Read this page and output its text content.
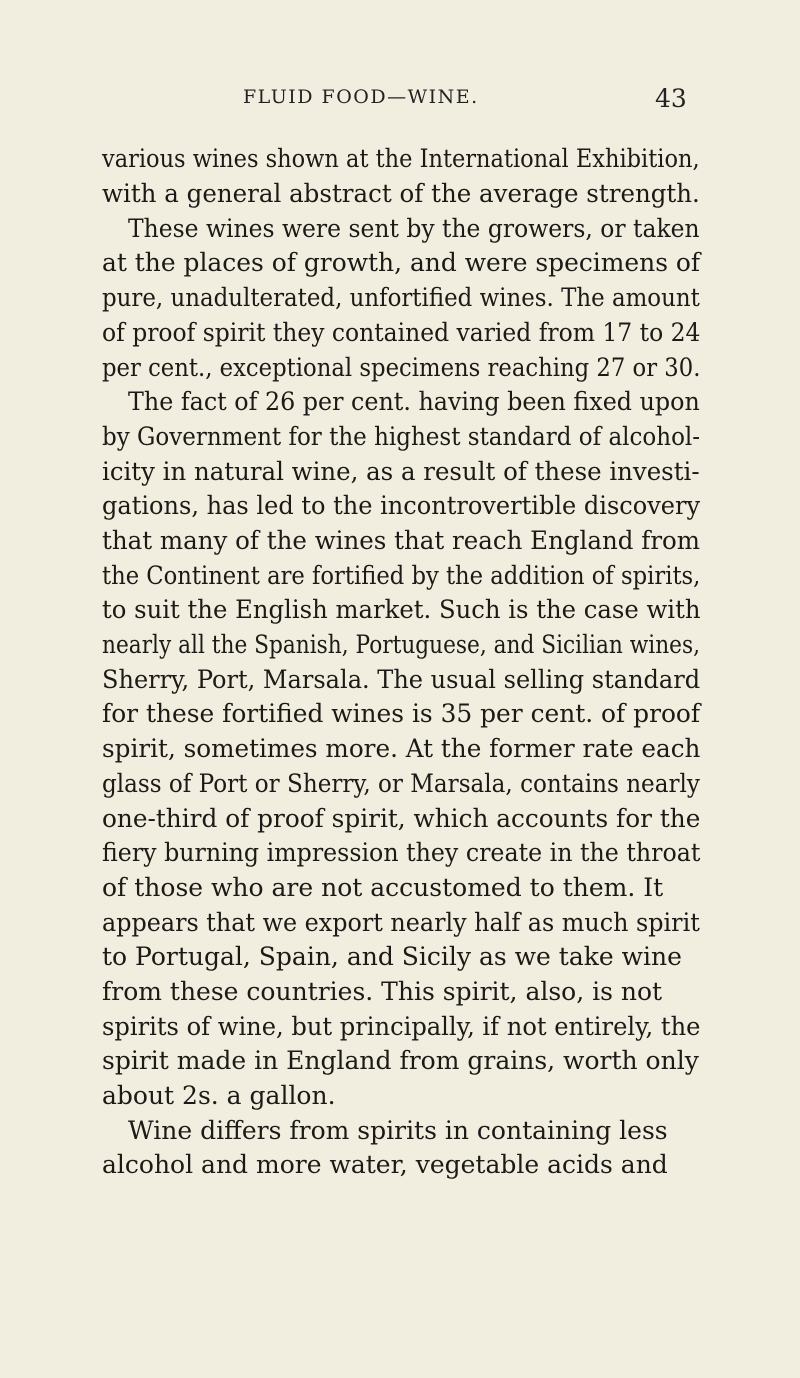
FLUID FOOD—WINE.	43
various wines shown at the International Exhibition,
with a general abstract of the average strength.
These wines were sent by the growers, or taken
at the places of growth, and were specimens of
pure, unadulterated, unfortified wines. The amount
of proof spirit they contained varied from 17 to 24
per cent., exceptional specimens reaching 27 or 30.
The fact of 26 per cent. having been fixed upon
by Government for the highest standard of alcohol-
icity in natural wine, as a result of these investi-
gations, has led to the incontrovertible discovery
that many of the wines that reach England from
the Continent are fortified by the addition of spirits,
to suit the English market. Such is the case with
nearly all the Spanish, Portuguese, and Sicilian wines,
Sherry, Port, Marsala. The usual selling standard
for these fortified wines is 35 per cent. of proof
spirit, sometimes more. At the former rate each
glass of Port or Sherry, or Marsala, contains nearly
one-third of proof spirit, which accounts for the
fiery burning impression they create in the throat
of those who are not accustomed to them. It
appears that we export nearly half as much spirit
to Portugal, Spain, and Sicily as we take wine
from these countries. This spirit, also, is not
spirits of wine, but principally, if not entirely, the
spirit made in England from grains, worth only
about 2s. a gallon.
Wine differs from spirits in containing less
alcohol and more water, vegetable acids and
